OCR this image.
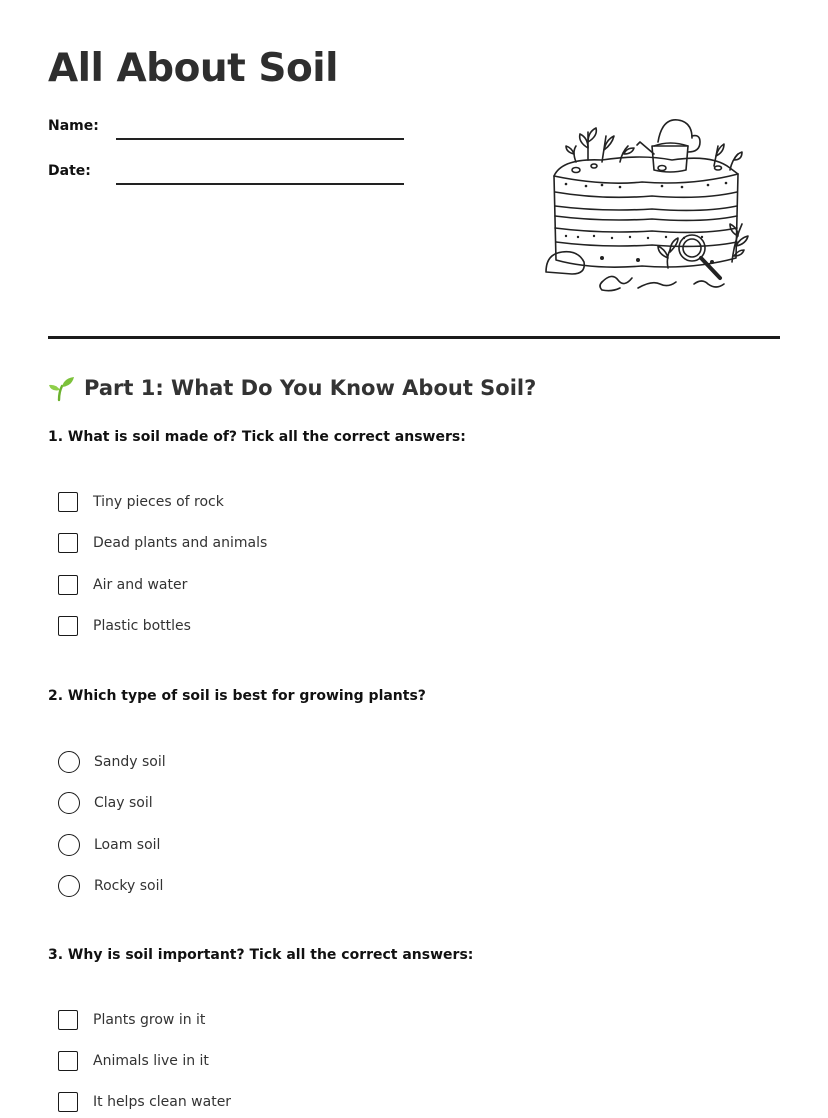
All About Soil
Name:
Date:
Part 1: What Do You Know About Soil?

1. What is soil made of? Tick all the correct answers:

Tiny pieces of rock
Dead plants and animals
Air and water
Plastic bottles

2. Which type of soil is best for growing plants?

Sandy soil
Clay soil
Loam soil
Rocky soil

3. Why is soil important? Tick all the correct answers:

Plants grow in it
Animals live in it
It helps clean water
